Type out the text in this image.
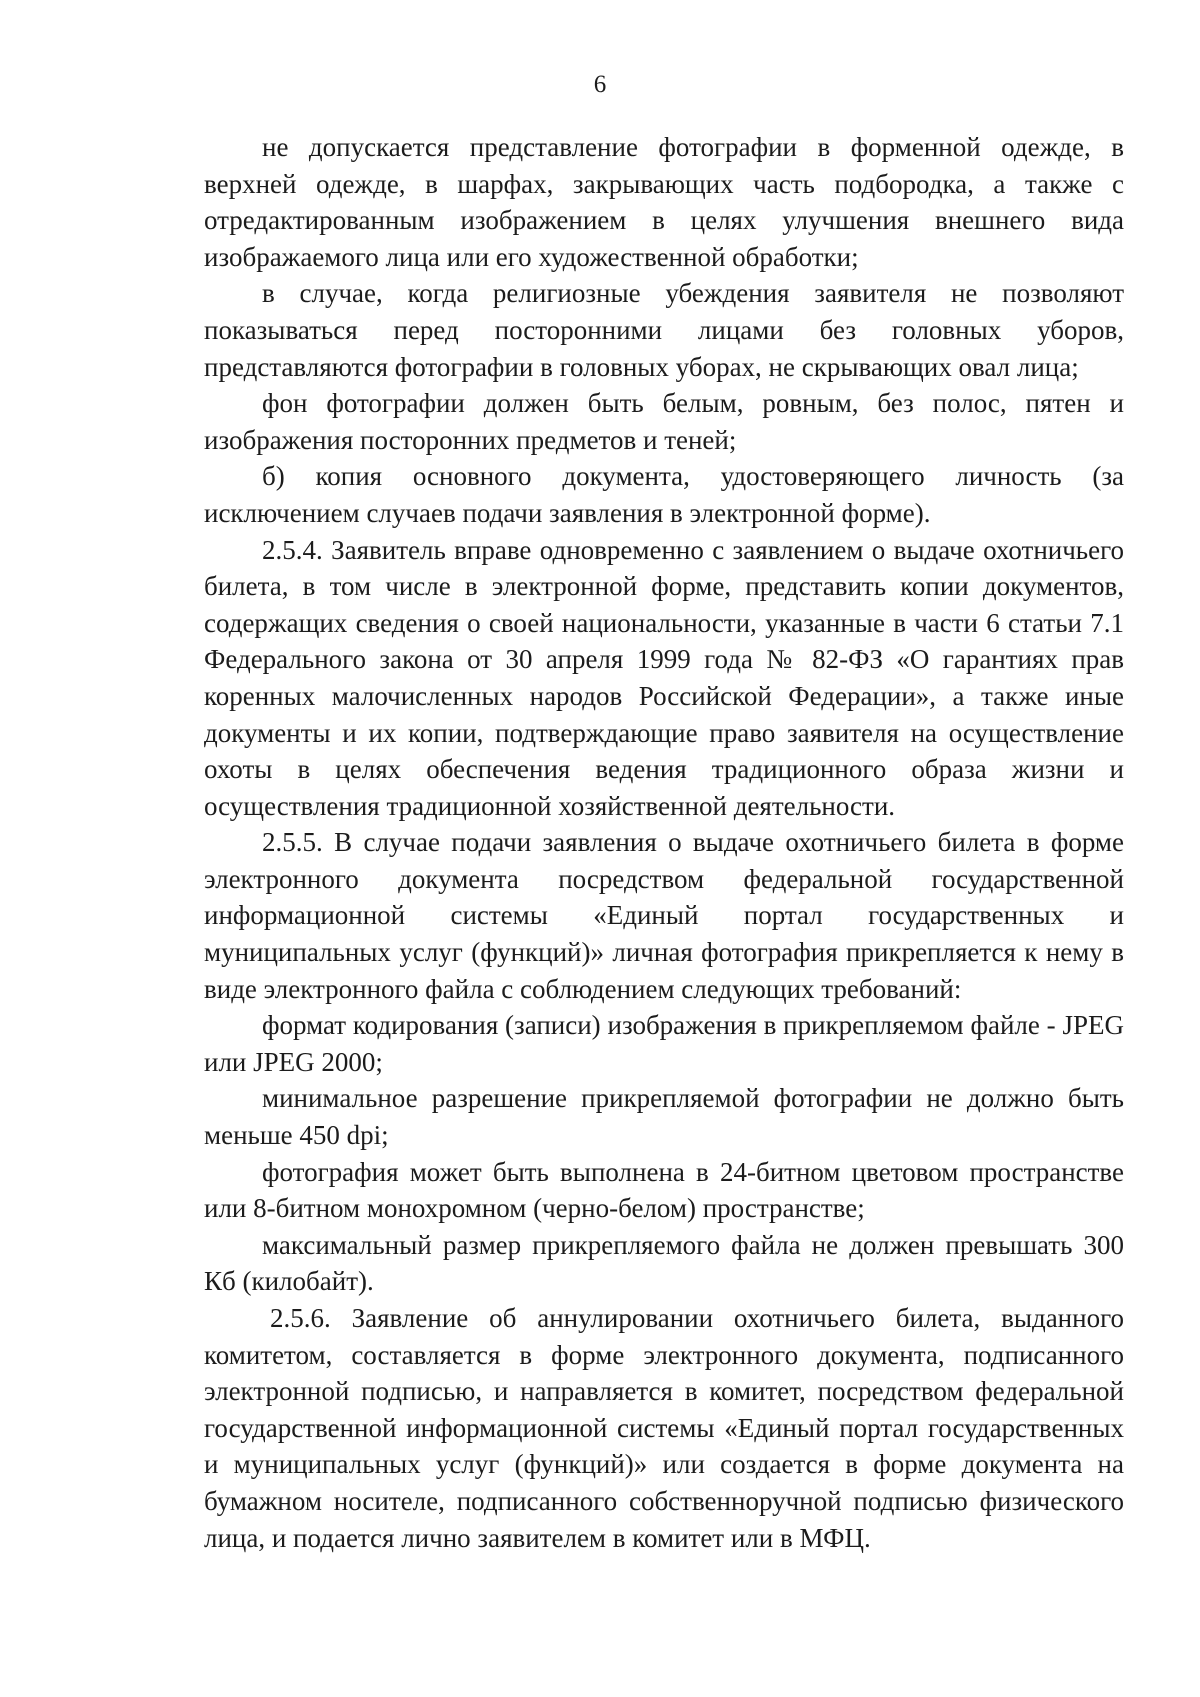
6

не допускается представление фотографии в форменной одежде, в верхней одежде, в шарфах, закрывающих часть подбородка, а также с отредактированным изображением в целях улучшения внешнего вида изображаемого лица или его художественной обработки;

в случае, когда религиозные убеждения заявителя не позволяют показываться перед посторонними лицами без головных уборов, представляются фотографии в головных уборах, не скрывающих овал лица;

фон фотографии должен быть белым, ровным, без полос, пятен и изображения посторонних предметов и теней;

б) копия основного документа, удостоверяющего личность (за исключением случаев подачи заявления в электронной форме).

2.5.4. Заявитель вправе одновременно с заявлением о выдаче охотничьего билета, в том числе в электронной форме, представить копии документов, содержащих сведения о своей национальности, указанные в части 6 статьи 7.1 Федерального закона от 30 апреля 1999 года № 82-ФЗ «О гарантиях прав коренных малочисленных народов Российской Федерации», а также иные документы и их копии, подтверждающие право заявителя на осуществление охоты в целях обеспечения ведения традиционного образа жизни и осуществления традиционной хозяйственной деятельности.

2.5.5. В случае подачи заявления о выдаче охотничьего билета в форме электронного документа посредством федеральной государственной информационной системы «Единый портал государственных и муниципальных услуг (функций)» личная фотография прикрепляется к нему в виде электронного файла с соблюдением следующих требований:

формат кодирования (записи) изображения в прикрепляемом файле - JPEG или JPEG 2000;

минимальное разрешение прикрепляемой фотографии не должно быть меньше 450 dpi;

фотография может быть выполнена в 24-битном цветовом пространстве или 8-битном монохромном (черно-белом) пространстве;

максимальный размер прикрепляемого файла не должен превышать 300 Кб (килобайт).

2.5.6. Заявление об аннулировании охотничьего билета, выданного комитетом, составляется в форме электронного документа, подписанного электронной подписью, и направляется в комитет, посредством федеральной государственной информационной системы «Единый портал государственных и муниципальных услуг (функций)» или создается в форме документа на бумажном носителе, подписанного собственноручной подписью физического лица, и подается лично заявителем в комитет или в МФЦ.
